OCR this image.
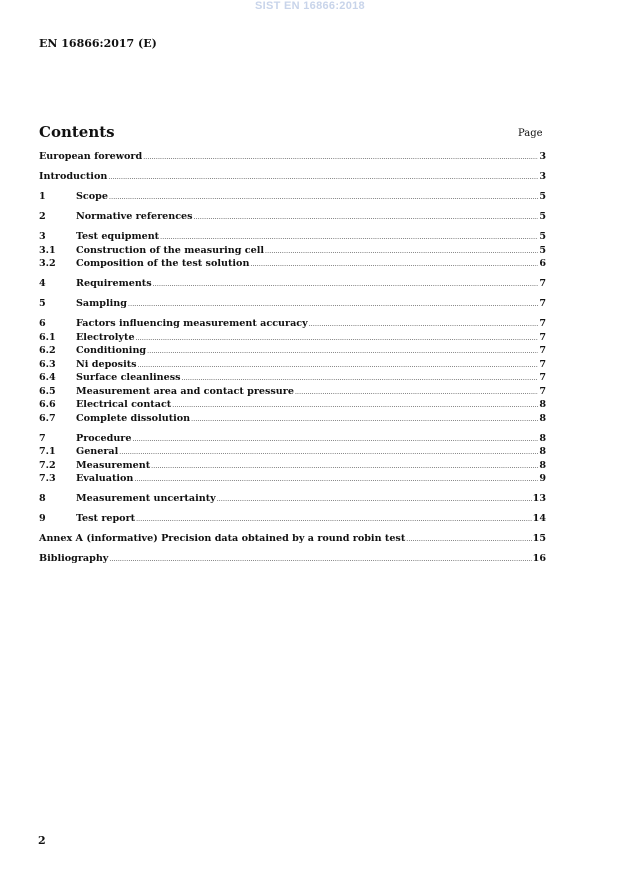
SIST EN 16866:2018
EN 16866:2017 (E)
Contents	Page
European foreword .....	3
Introduction .....	3
1	Scope .....	5
2	Normative references .....	5
3	Test equipment .....	5
3.1	Construction of the measuring cell .....	5
3.2	Composition of the test solution .....	6
4	Requirements .....	7
5	Sampling .....	7
6	Factors influencing measurement accuracy .....	7
6.1	Electrolyte .....	7
6.2	Conditioning .....	7
6.3	Ni deposits .....	7
6.4	Surface cleanliness .....	7
6.5	Measurement area and contact pressure .....	7
6.6	Electrical contact .....	8
6.7	Complete dissolution .....	8
7	Procedure .....	8
7.1	General .....	8
7.2	Measurement .....	8
7.3	Evaluation .....	9
8	Measurement uncertainty .....	13
9	Test report .....	14
Annex A (informative) Precision data obtained by a round robin test .....	15
Bibliography .....	16
2
